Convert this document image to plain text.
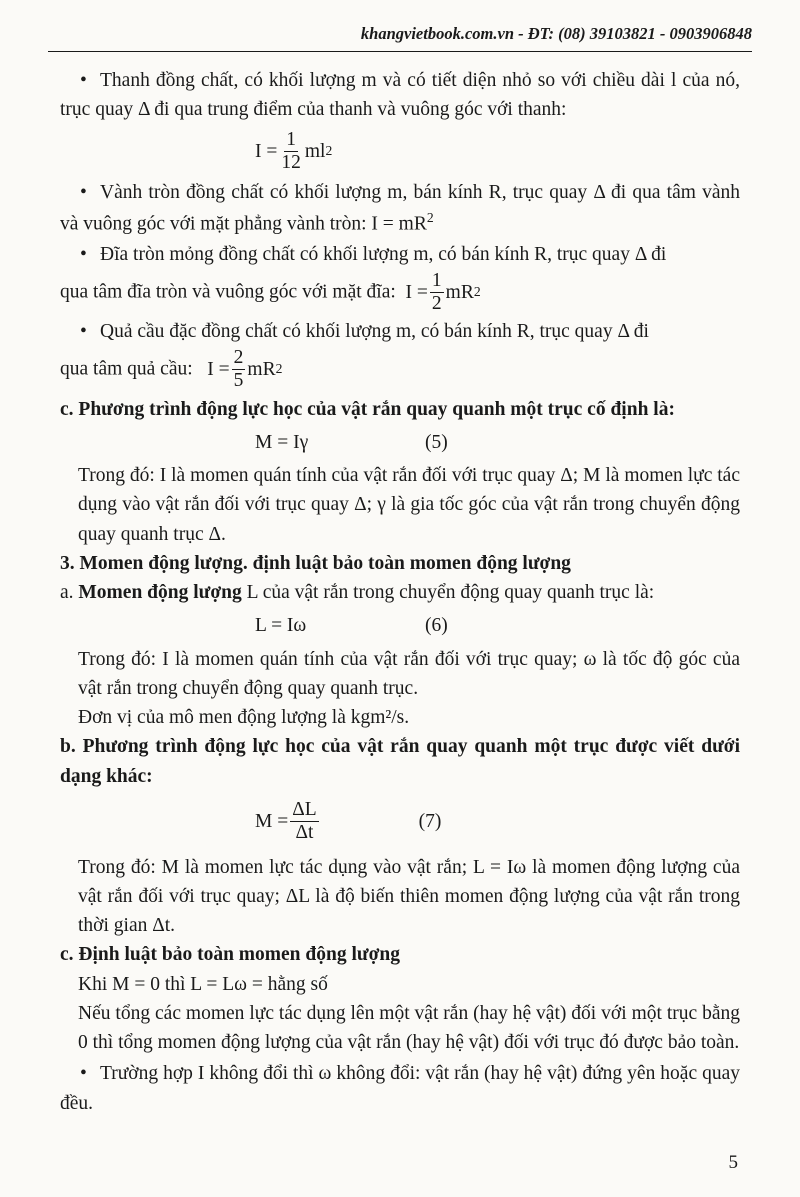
khangvietbook.com.vn - ĐT: (08) 39103821 - 0903906848

• Thanh đồng chất, có khối lượng m và có tiết diện nhỏ so với chiều dài l của nó, trục quay Δ đi qua trung điểm của thanh và vuông góc với thanh:

$I = \frac{1}{12}$ ml 2

• Vành tròn đồng chất có khối lượng m, bán kính R, trục quay Δ đi qua tâm vành và vuông góc với mặt phẳng vành tròn: $I = mR^2$

• Đĩa tròn mỏng đồng chất có khối lượng m, có bán kính R, trục quay Δ đi

qua tâm đĩa tròn và vuông góc với mặt đĩa: $I = \frac{1}{2}$ mR 2

• Quả cầu đặc đồng chất có khối lượng m, có bán kính R, trục quay Δ đi

qua tâm quả cầu: $I = \frac{2}{5}$ mR 2

c. Phương trình động lực học của vật rắn quay quanh một trục cố định là:

M = Iγ	(5)

Trong đó: I là momen quán tính của vật rắn đối với trục quay Δ; M là momen lực tác dụng vào vật rắn đối với trục quay Δ; γ là gia tốc góc của vật rắn trong chuyển động quay quanh trục Δ.

3. Momen động lượng. định luật bảo toàn momen động lượng

a. Momen động lượng L của vật rắn trong chuyển động quay quanh trục là:

L = Iω	(6)

Trong đó: I là momen quán tính của vật rắn đối với trục quay; ω là tốc độ góc của vật rắn trong chuyển động quay quanh trục.

Đơn vị của mô men động lượng là kgm²/s.

b. Phương trình động lực học của vật rắn quay quanh một trục được viết dưới dạng khác:

$M = \frac{\Delta L}{\Delta t}$	(7)

Trong đó: M là momen lực tác dụng vào vật rắn; L = Iω là momen động lượng của vật rắn đối với trục quay; ΔL là độ biến thiên momen động lượng của vật rắn trong thời gian Δt.

c. Định luật bảo toàn momen động lượng

Khi M = 0 thì L = Lω = hằng số

Nếu tổng các momen lực tác dụng lên một vật rắn (hay hệ vật) đối với một trục bằng 0 thì tổng momen động lượng của vật rắn (hay hệ vật) đối với trục đó được bảo toàn.

• Trường hợp I không đổi thì ω không đổi: vật rắn (hay hệ vật) đứng yên hoặc quay đều.

5
